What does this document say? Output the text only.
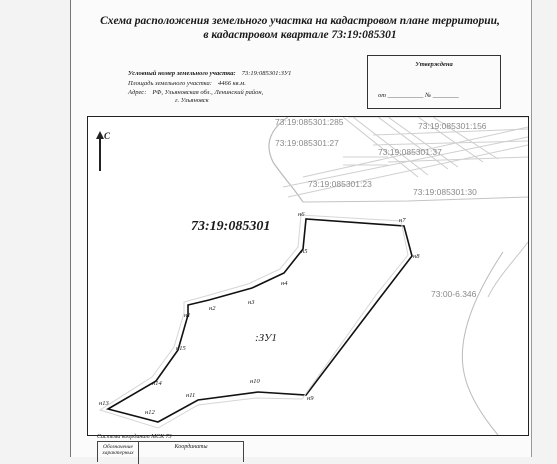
Схема расположения земельного участка на кадастровом плане территории,
в кадастровом квартале 73:19:085301
Условный номер земельного участка: 73:19:085301:ЗУ1
Площадь земельного участка: 4466 кв.м.
Адрес: РФ, Ульяновская обл., Ленинский район,
г. Ульяновск
Утверждена
от ___________ № ________
С
73:19:085301:285	73:19:085301:156
73:19:085301:27
73:19:085301:37
73:19:085301:23
73:19:085301:30
73:00-6.346
73:19:085301
:ЗУ1
н1
н2
н3
н4
н5
н6
н7
н8
н9
н10
н11
н12
н13
н14
н15
Система координат МСК 73
Обозначение характерных
Координаты
